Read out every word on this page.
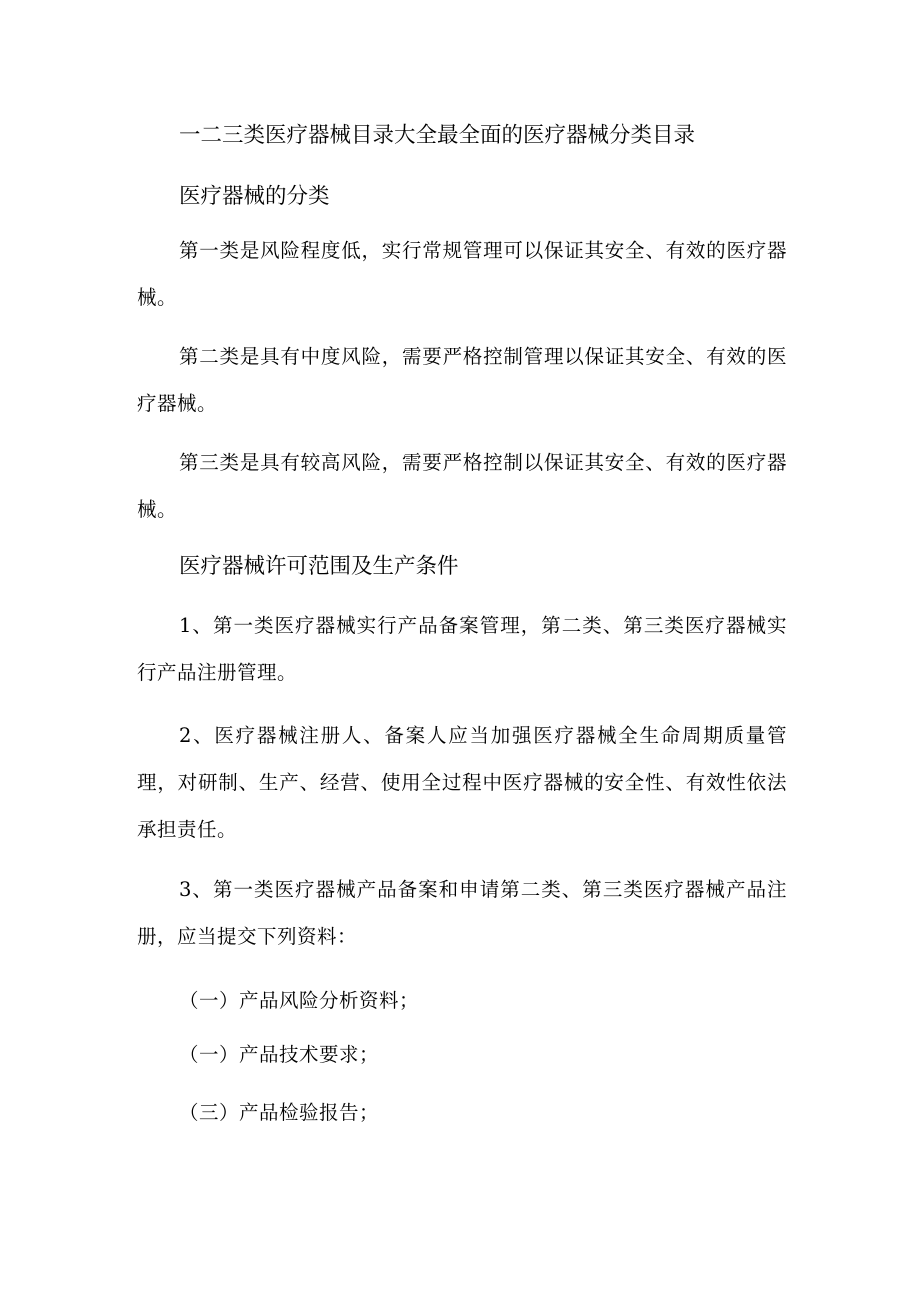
一二三类医疗器械目录大全最全面的医疗器械分类目录
医疗器械的分类

第一类是风险程度低，实行常规管理可以保证其安全、有效的医疗器械。

第二类是具有中度风险，需要严格控制管理以保证其安全、有效的医疗器械。

第三类是具有较高风险，需要严格控制以保证其安全、有效的医疗器械。

医疗器械许可范围及生产条件

1、第一类医疗器械实行产品备案管理，第二类、第三类医疗器械实行产品注册管理。

2、医疗器械注册人、备案人应当加强医疗器械全生命周期质量管理，对研制、生产、经营、使用全过程中医疗器械的安全性、有效性依法承担责任。

3、第一类医疗器械产品备案和申请第二类、第三类医疗器械产品注册，应当提交下列资料：

（一）产品风险分析资料；

（一）产品技术要求；

（三）产品检验报告；
